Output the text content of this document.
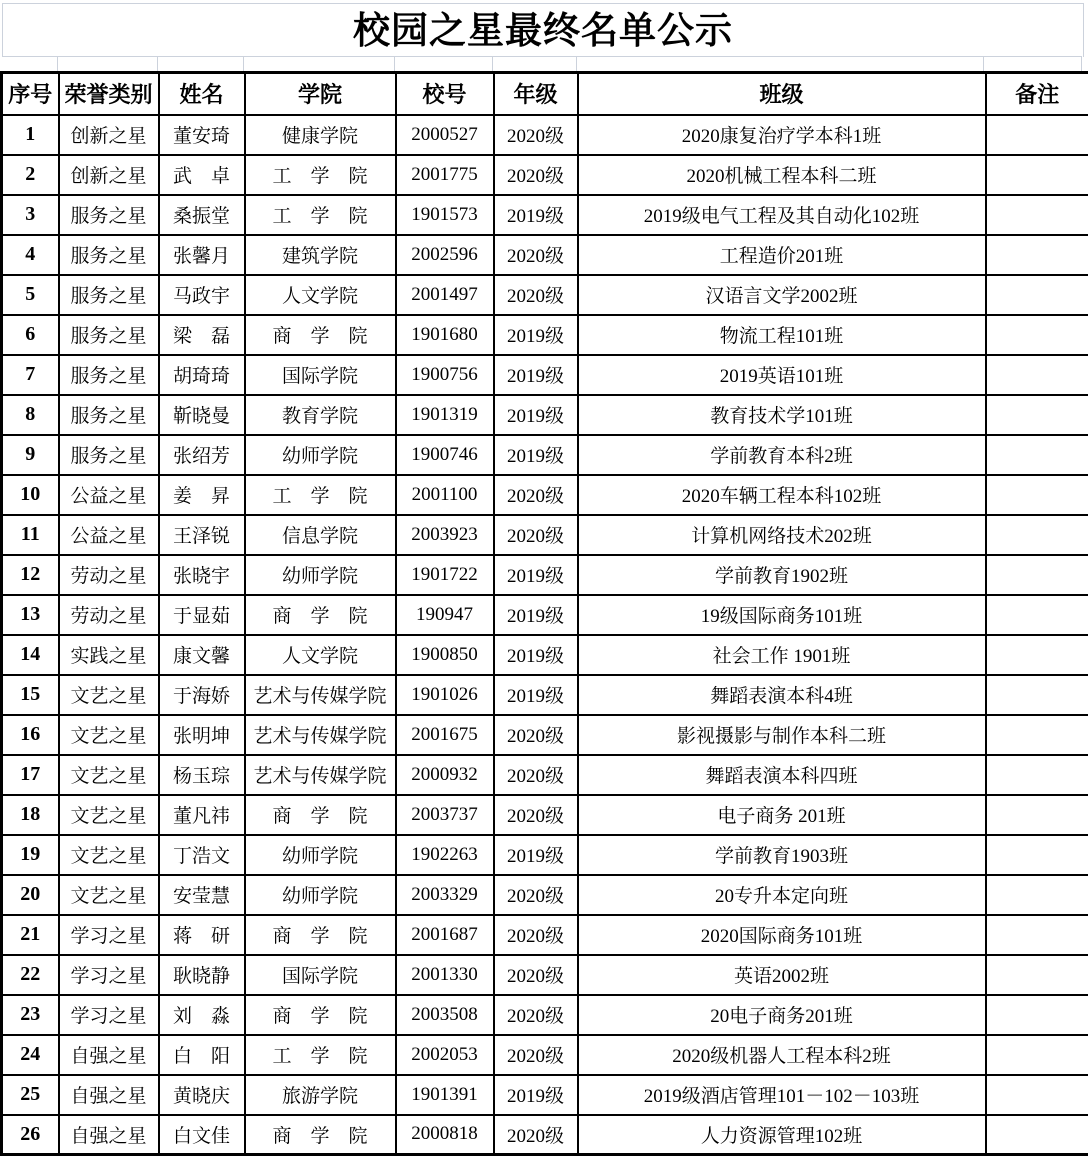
校园之星最终名单公示
序号	荣誉类别	姓名	学院	校号	年级	班级	备注
1	创新之星	董安琦	健康学院	2000527	2020级	2020康复治疗学本科1班	
2	创新之星	武　卓	工　学　院	2001775	2020级	2020机械工程本科二班	
3	服务之星	桑振堂	工　学　院	1901573	2019级	2019级电气工程及其自动化102班	
4	服务之星	张馨月	建筑学院	2002596	2020级	工程造价201班	
5	服务之星	马政宇	人文学院	2001497	2020级	汉语言文学2002班	
6	服务之星	梁　磊	商　学　院	1901680	2019级	物流工程101班	
7	服务之星	胡琦琦	国际学院	1900756	2019级	2019英语101班	
8	服务之星	靳晓曼	教育学院	1901319	2019级	教育技术学101班	
9	服务之星	张绍芳	幼师学院	1900746	2019级	学前教育本科2班	
10	公益之星	姜　昇	工　学　院	2001100	2020级	2020车辆工程本科102班	
11	公益之星	王泽锐	信息学院	2003923	2020级	计算机网络技术202班	
12	劳动之星	张晓宇	幼师学院	1901722	2019级	学前教育1902班	
13	劳动之星	于显茹	商　学　院	190947	2019级	19级国际商务101班	
14	实践之星	康文馨	人文学院	1900850	2019级	社会工作 1901班	
15	文艺之星	于海娇	艺术与传媒学院	1901026	2019级	舞蹈表演本科4班	
16	文艺之星	张明坤	艺术与传媒学院	2001675	2020级	影视摄影与制作本科二班	
17	文艺之星	杨玉琮	艺术与传媒学院	2000932	2020级	舞蹈表演本科四班	
18	文艺之星	董凡祎	商　学　院	2003737	2020级	电子商务 201班	
19	文艺之星	丁浩文	幼师学院	1902263	2019级	学前教育1903班	
20	文艺之星	安莹慧	幼师学院	2003329	2020级	20专升本定向班	
21	学习之星	蒋　研	商　学　院	2001687	2020级	2020国际商务101班	
22	学习之星	耿晓静	国际学院	2001330	2020级	英语2002班	
23	学习之星	刘　淼	商　学　院	2003508	2020级	20电子商务201班	
24	自强之星	白　阳	工　学　院	2002053	2020级	2020级机器人工程本科2班	
25	自强之星	黄晓庆	旅游学院	1901391	2019级	2019级酒店管理101－102－103班	
26	自强之星	白文佳	商　学　院	2000818	2020级	人力资源管理102班	
